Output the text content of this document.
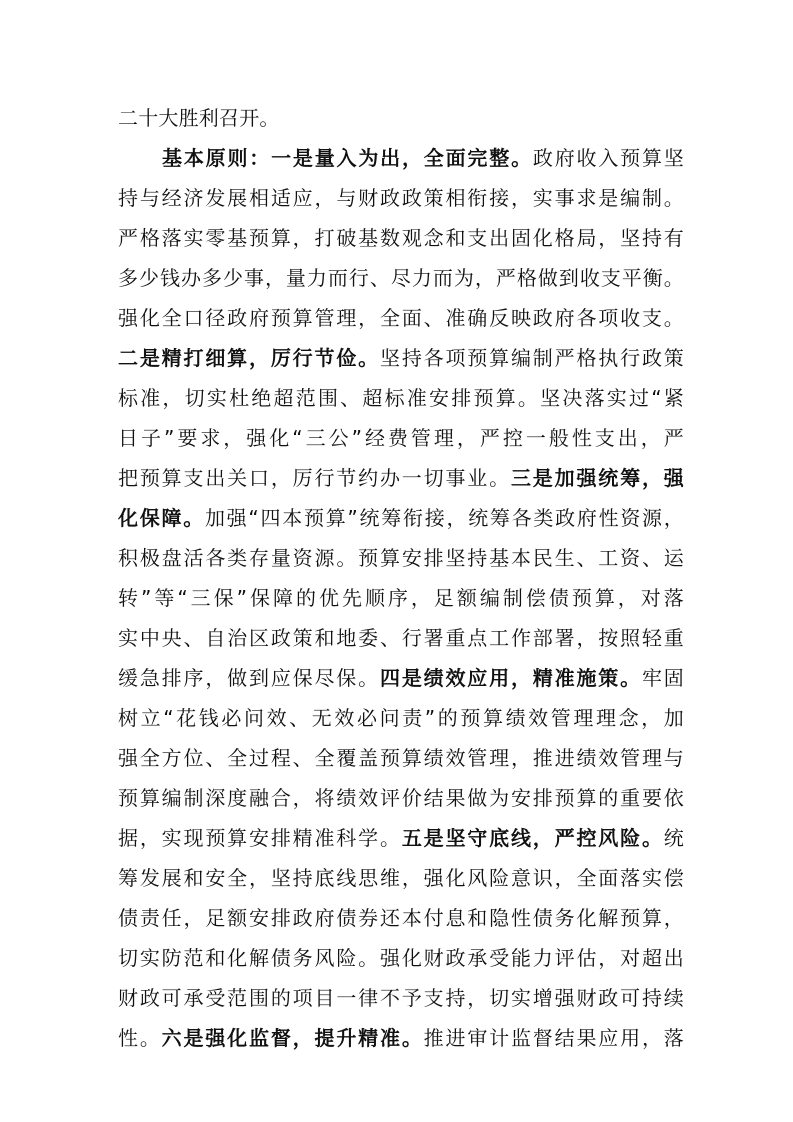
二十大胜利召开。
基本原则：一是量入为出，全面完整。政府收入预算坚
持与经济发展相适应，与财政政策相衔接，实事求是编制。
严格落实零基预算，打破基数观念和支出固化格局，坚持有
多少钱办多少事，量力而行、尽力而为，严格做到收支平衡。
强化全口径政府预算管理，全面、准确反映政府各项收支。
二是精打细算，厉行节俭。坚持各项预算编制严格执行政策
标准，切实杜绝超范围、超标准安排预算。坚决落实过“紧
日子”要求，强化“三公”经费管理，严控一般性支出，严
把预算支出关口，厉行节约办一切事业。三是加强统筹，强
化保障。加强“四本预算”统筹衔接，统筹各类政府性资源，
积极盘活各类存量资源。预算安排坚持基本民生、工资、运
转”等“三保”保障的优先顺序，足额编制偿债预算，对落
实中央、自治区政策和地委、行署重点工作部署，按照轻重
缓急排序，做到应保尽保。四是绩效应用，精准施策。牢固
树立“花钱必问效、无效必问责”的预算绩效管理理念，加
强全方位、全过程、全覆盖预算绩效管理，推进绩效管理与
预算编制深度融合，将绩效评价结果做为安排预算的重要依
据，实现预算安排精准科学。五是坚守底线，严控风险。统
筹发展和安全，坚持底线思维，强化风险意识，全面落实偿
债责任，足额安排政府债券还本付息和隐性债务化解预算，
切实防范和化解债务风险。强化财政承受能力评估，对超出
财政可承受范围的项目一律不予支持，切实增强财政可持续
性。六是强化监督，提升精准。推进审计监督结果应用，落
